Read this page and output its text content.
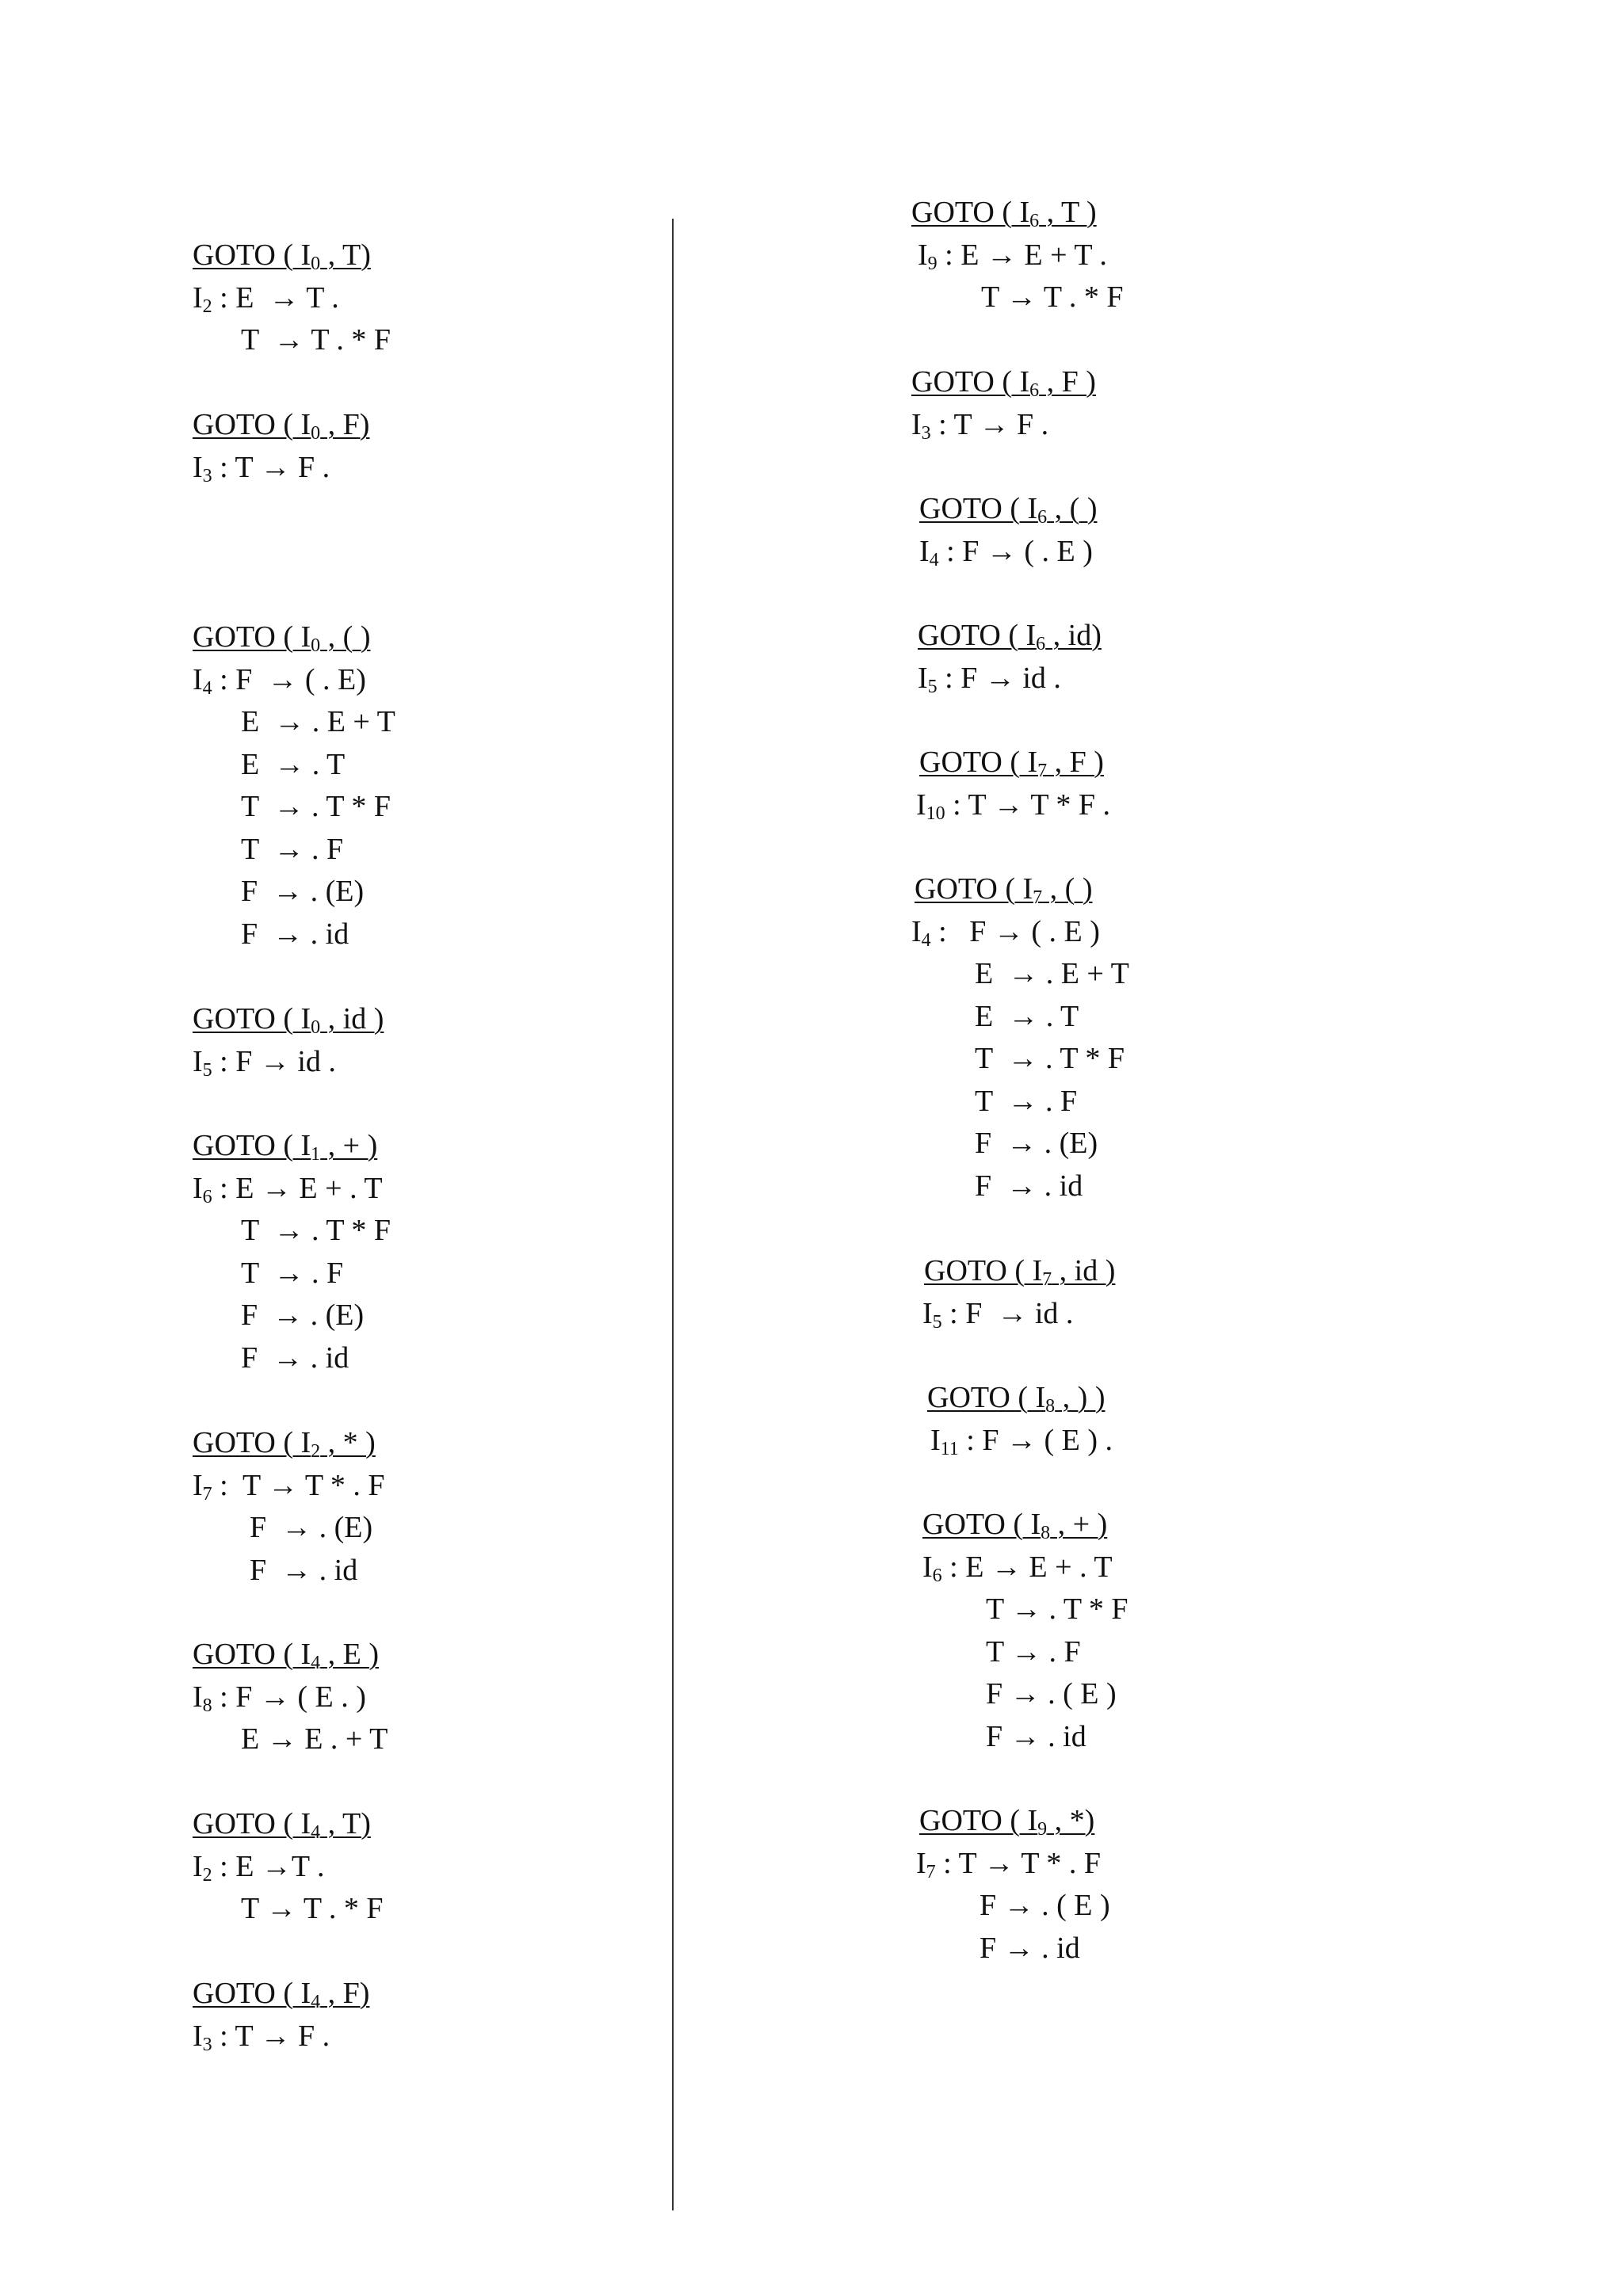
GOTO ( $I_0$ , T)
$I_2$ : E  → T .
T  → T . * F
GOTO ( $I_0$ , F)
$I_3$ : T → F .
GOTO ( $I_0$ , ( )
$I_4$ : F  → ( . E)
E  → . E + T
E  → . T
T  → . T * F
T  → . F
F  → . (E)
F  → . id
GOTO ( $I_0$ , id )
$I_5$ : F → id .
GOTO ( $I_1$ , + )
$I_6$ : E → E + . T
T  → . T * F
T  → . F
F  → . (E)
F  → . id
GOTO ( $I_2$ , * )
$I_7$ :  T → T * . F
F  → . (E)
F  → . id
GOTO ( $I_4$ , E )
$I_8$ : F → ( E . )
E → E . + T
GOTO ( $I_4$ , T)
$I_2$ : E →T .
T → T . * F
GOTO ( $I_4$ , F)
$I_3$ : T → F .
GOTO ( $I_6$ , T )
$I_9$ : E → E + T .
T → T . * F
GOTO ( $I_6$ , F )
$I_3$ : T → F .
GOTO ( $I_6$ , ( )
$I_4$ : F → ( . E )
GOTO ( $I_6$ , id)
$I_5$ : F → id .
GOTO ( $I_7$ , F )
$I_{10}$ : T → T * F .
GOTO ( $I_7$ , ( )
$I_4$ :   F → ( . E )
E  → . E + T
E  → . T
T  → . T * F
T  → . F
F  → . (E)
F  → . id
GOTO ( $I_7$ , id )
$I_5$ : F  → id .
GOTO ( $I_8$ , ) )
$I_{11}$ : F → ( E ) .
GOTO ( $I_8$ , + )
$I_6$ : E → E + . T
T → . T * F
T → . F
F → . ( E )
F → . id
GOTO ( $I_9$ , *)
$I_7$ : T → T * . F
F → . ( E )
F → . id
